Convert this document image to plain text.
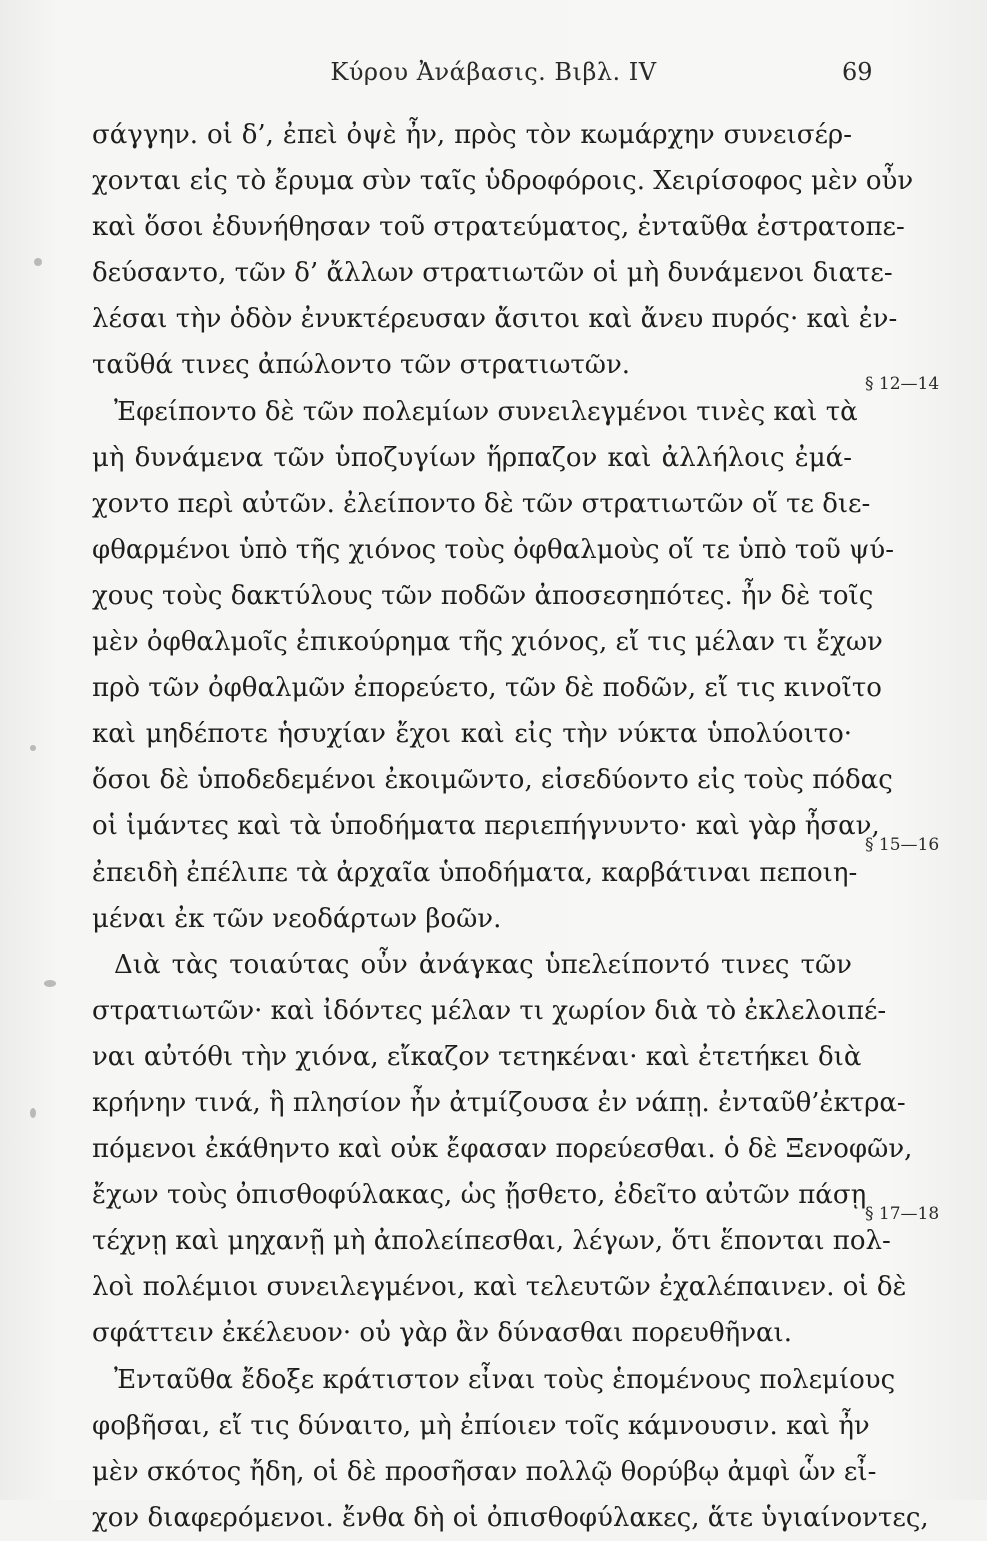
Κύρου Ἀνάβασις. Βιβλ. IV	69
σάγγην. οἱ δ’, ἐπεὶ ὀψὲ ἦν, πρὸς τὸν κωμάρχην συνεισέρ-
χονται εἰς τὸ ἔρυμα σὺν ταῖς ὑδροφόροις. Χειρίσοφος μὲν οὖν
καὶ ὅσοι ἐδυνήθησαν τοῦ στρατεύματος, ἐνταῦθα ἐστρατοπε-
δεύσαντο, τῶν δ’ ἄλλων στρατιωτῶν οἱ μὴ δυνάμενοι διατε-
λέσαι τὴν ὁδὸν ἐνυκτέρευσαν ἄσιτοι καὶ ἄνευ πυρός· καὶ ἐν-
ταῦθά τινες ἀπώλοντο τῶν στρατιωτῶν.
Ἐφείποντο δὲ τῶν πολεμίων συνειλεγμένοι τινὲς καὶ τὰ
μὴ δυνάμενα τῶν ὑποζυγίων ἥρπαζον καὶ ἀλλήλοις ἐμά-
χοντο περὶ αὐτῶν. ἐλείποντο δὲ τῶν στρατιωτῶν οἵ τε διε-
φθαρμένοι ὑπὸ τῆς χιόνος τοὺς ὀφθαλμοὺς οἵ τε ὑπὸ τοῦ ψύ-
χους τοὺς δακτύλους τῶν ποδῶν ἀποσεσηπότες. ἦν δὲ τοῖς
μὲν ὀφθαλμοῖς ἐπικούρημα τῆς χιόνος, εἴ τις μέλαν τι ἔχων
πρὸ τῶν ὀφθαλμῶν ἐπορεύετο, τῶν δὲ ποδῶν, εἴ τις κινοῖτο
καὶ μηδέποτε ἡσυχίαν ἔχοι καὶ εἰς τὴν νύκτα ὑπολύοιτο·
ὅσοι δὲ ὑποδεδεμένοι ἐκοιμῶντο, εἰσεδύοντο εἰς τοὺς πόδας
οἱ ἱμάντες καὶ τὰ ὑποδήματα περιεπήγνυντο· καὶ γὰρ ἦσαν,
ἐπειδὴ ἐπέλιπε τὰ ἀρχαῖα ὑποδήματα, καρβάτιναι πεποιη-
μέναι ἐκ τῶν νεοδάρτων βοῶν.
Διὰ τὰς τοιαύτας οὖν ἀνάγκας ὑπελείποντό τινες τῶν
στρατιωτῶν· καὶ ἰδόντες μέλαν τι χωρίον διὰ τὸ ἐκλελοιπέ-
ναι αὐτόθι τὴν χιόνα, εἴκαζον τετηκέναι· καὶ ἐτετήκει διὰ
κρήνην τινά, ἣ πλησίον ἦν ἀτμίζουσα ἐν νάπῃ. ἐνταῦθ’ἐκτρα-
πόμενοι ἐκάθηντο καὶ οὐκ ἔφασαν πορεύεσθαι. ὁ δὲ Ξενοφῶν,
ἔχων τοὺς ὀπισθοφύλακας, ὡς ᾔσθετο, ἐδεῖτο αὐτῶν πάσῃ
τέχνῃ καὶ μηχανῇ μὴ ἀπολείπεσθαι, λέγων, ὅτι ἕπονται πολ-
λοὶ πολέμιοι συνειλεγμένοι, καὶ τελευτῶν ἐχαλέπαινεν. οἱ δὲ
σφάττειν ἐκέλευον· οὐ γὰρ ἂν δύνασθαι πορευθῆναι.
Ἐνταῦθα ἔδοξε κράτιστον εἶναι τοὺς ἑπομένους πολεμίους
φοβῆσαι, εἴ τις δύναιτο, μὴ ἐπίοιεν τοῖς κάμνουσιν. καὶ ἦν
μὲν σκότος ἤδη, οἱ δὲ προσῆσαν πολλῷ θορύβῳ ἀμφὶ ὧν εἶ-
χον διαφερόμενοι. ἔνθα δὴ οἱ ὀπισθοφύλακες, ἅτε ὑγιαίνοντες,
§ 12—14
§ 15—16
§ 17—18
